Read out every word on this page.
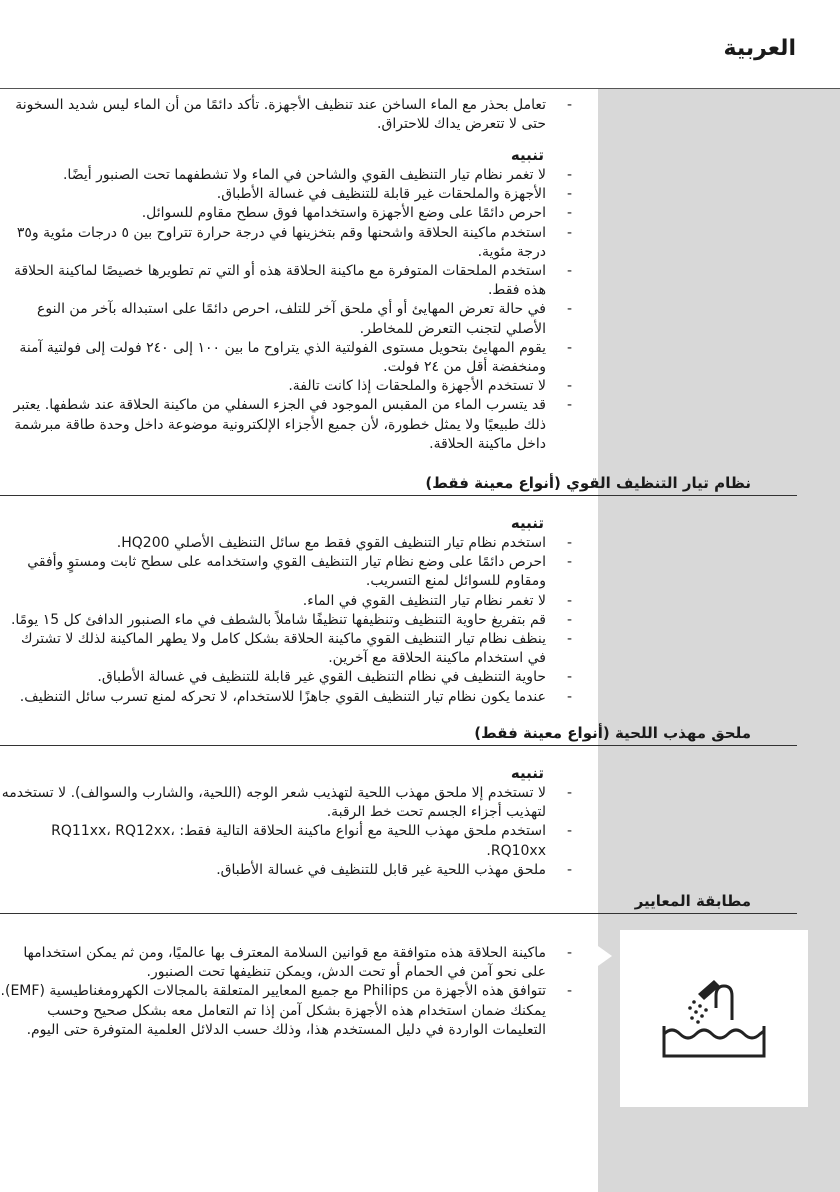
العربية
- تعامل بحذر مع الماء الساخن عند تنظيف الأجهزة. تأكد دائمًا من أن الماء ليس شديد السخونة حتى لا تتعرض يداك للاحتراق.
تنبيه
- لا تغمر نظام تيار التنظيف القوي والشاحن في الماء ولا تشطفهما تحت الصنبور أيضًا.
- الأجهزة والملحقات غير قابلة للتنظيف في غسالة الأطباق.
- احرص دائمًا على وضع الأجهزة واستخدامها فوق سطح مقاوم للسوائل.
- استخدم ماكينة الحلاقة واشحنها وقم بتخزينها في درجة حرارة تتراوح بين ٥ درجات مئوية و٣٥ درجة مئوية.
- استخدم الملحقات المتوفرة مع ماكينة الحلاقة هذه أو التي تم تطويرها خصيصًا لماكينة الحلاقة هذه فقط.
- في حالة تعرض المهايئ أو أي ملحق آخر للتلف، احرص دائمًا على استبداله بآخر من النوع الأصلي لتجنب التعرض للمخاطر.
- يقوم المهايئ بتحويل مستوى الفولتية الذي يتراوح ما بين ١٠٠ إلى ٢٤٠ فولت إلى فولتية آمنة ومنخفضة أقل من ٢٤ فولت.
- لا تستخدم الأجهزة والملحقات إذا كانت تالفة.
- قد يتسرب الماء من المقبس الموجود في الجزء السفلي من ماكينة الحلاقة عند شطفها. يعتبر ذلك طبيعيًا ولا يمثل خطورة، لأن جميع الأجزاء الإلكترونية موضوعة داخل وحدة طاقة مبرشمة داخل ماكينة الحلاقة.
نظام تيار التنظيف القوي (أنواع معينة فقط)
تنبيه
- استخدم نظام تيار التنظيف القوي فقط مع سائل التنظيف الأصلي HQ200.
- احرص دائمًا على وضع نظام تيار التنظيف القوي واستخدامه على سطح ثابت ومستوٍ وأفقي ومقاوم للسوائل لمنع التسريب.
- لا تغمر نظام تيار التنظيف القوي في الماء.
- قم بتفريغ حاوية التنظيف وتنظيفها تنظيفًا شاملاً بالشطف في ماء الصنبور الدافئ كل ١5 يومًا.
- ينظف نظام تيار التنظيف القوي ماكينة الحلاقة بشكل كامل ولا يطهر الماكينة لذلك لا تشترك في استخدام ماكينة الحلاقة مع آخرين.
- حاوية التنظيف في نظام التنظيف القوي غير قابلة للتنظيف في غسالة الأطباق.
- عندما يكون نظام تيار التنظيف القوي جاهزًا للاستخدام، لا تحركه لمنع تسرب سائل التنظيف.
ملحق مهذب اللحية (أنواع معينة فقط)
تنبيه
- لا تستخدم إلا ملحق مهذب اللحية لتهذيب شعر الوجه (اللحية، والشارب والسوالف). لا تستخدمه لتهذيب أجزاء الجسم تحت خط الرقبة.
- استخدم ملحق مهذب اللحية مع أنواع ماكينة الحلاقة التالية فقط: RQ11xx، RQ12xx، RQ10xx.
- ملحق مهذب اللحية غير قابل للتنظيف في غسالة الأطباق.
مطابقة المعايير
- ماكينة الحلاقة هذه متوافقة مع قوانين السلامة المعترف بها عالميًا، ومن ثم يمكن استخدامها على نحو آمن في الحمام أو تحت الدش، ويمكن تنظيفها تحت الصنبور.
- تتوافق هذه الأجهزة من Philips مع جميع المعايير المتعلقة بالمجالات الكهرومغناطيسية (EMF). يمكنك ضمان استخدام هذه الأجهزة بشكل آمن إذا تم التعامل معه بشكل صحيح وحسب التعليمات الواردة في دليل المستخدم هذا، وذلك حسب الدلائل العلمية المتوفرة حتى اليوم.
